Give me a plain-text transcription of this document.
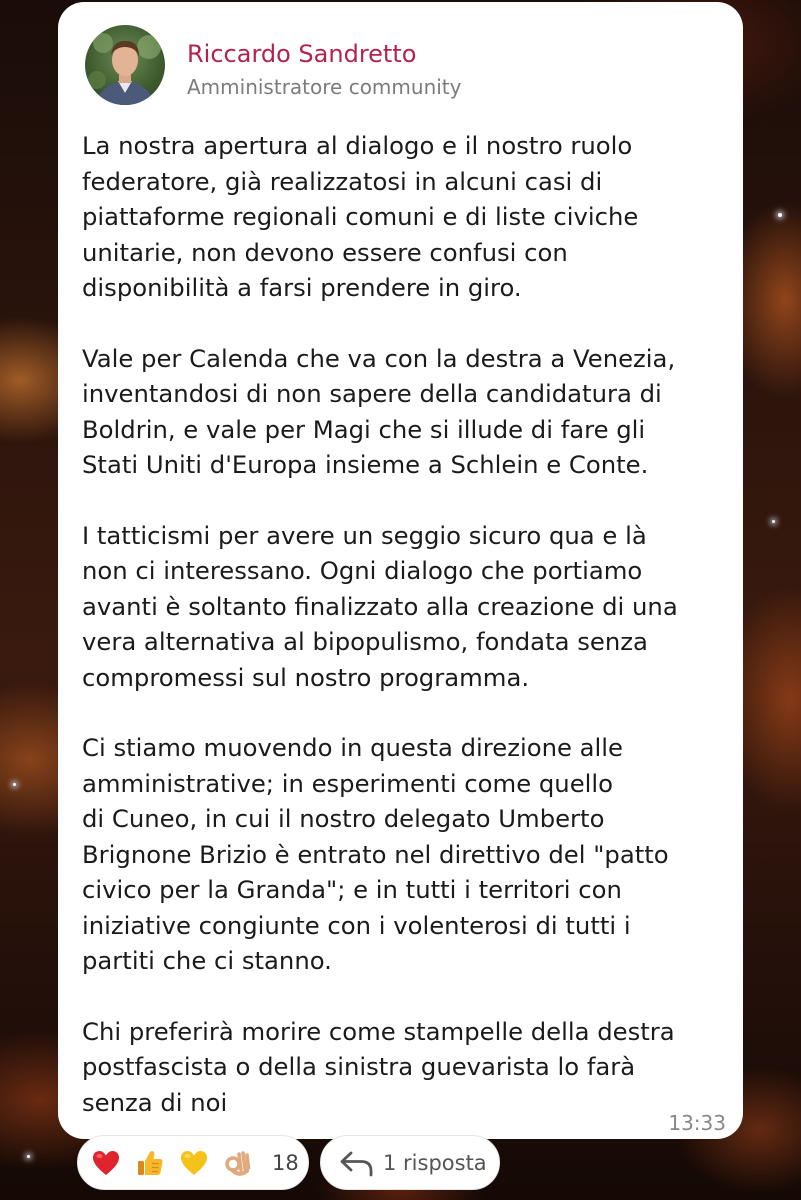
Riccardo Sandretto
Amministratore community
La nostra apertura al dialogo e il nostro ruolo
federatore, già realizzatosi in alcuni casi di
piattaforme regionali comuni e di liste civiche
unitarie, non devono essere confusi con
disponibilità a farsi prendere in giro.
Vale per Calenda che va con la destra a Venezia,
inventandosi di non sapere della candidatura di
Boldrin, e vale per Magi che si illude di fare gli
Stati Uniti d'Europa insieme a Schlein e Conte.
I tatticismi per avere un seggio sicuro qua e là
non ci interessano. Ogni dialogo che portiamo
avanti è soltanto finalizzato alla creazione di una
vera alternativa al bipopulismo, fondata senza
compromessi sul nostro programma.
Ci stiamo muovendo in questa direzione alle
amministrative; in esperimenti come quello
di Cuneo, in cui il nostro delegato Umberto
Brignone Brizio è entrato nel direttivo del "patto
civico per la Granda"; e in tutti i territori con
iniziative congiunte con i volenterosi di tutti i
partiti che ci stanno.
Chi preferirà morire come stampelle della destra
postfascista o della sinistra guevarista lo farà
senza di noi
13:33
18	1 risposta
